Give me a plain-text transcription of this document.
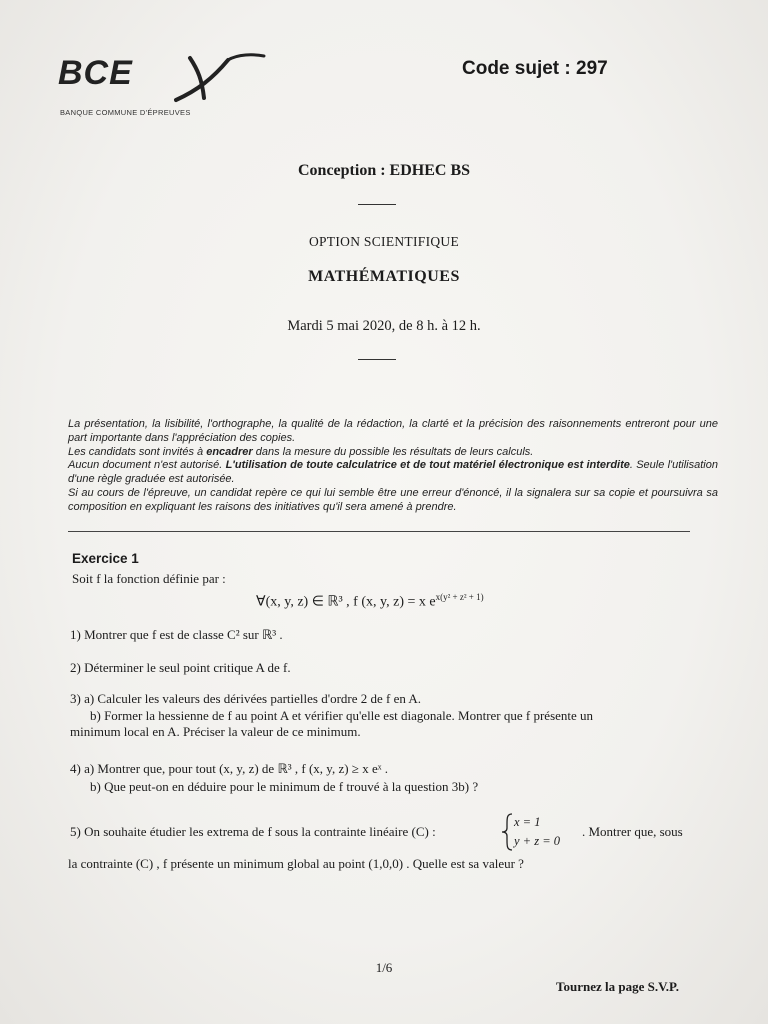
BCE
BANQUE COMMUNE D'ÉPREUVES
Code sujet : 297
Conception : EDHEC BS
OPTION SCIENTIFIQUE
MATHÉMATIQUES
Mardi 5 mai 2020, de 8 h. à 12 h.

La présentation, la lisibilité, l'orthographe, la qualité de la rédaction, la clarté et la précision des raisonnements entreront pour une part importante dans l'appréciation des copies.

Les candidats sont invités à encadrer dans la mesure du possible les résultats de leurs calculs.

Aucun document n'est autorisé. L'utilisation de toute calculatrice et de tout matériel électronique est interdite. Seule l'utilisation d'une règle graduée est autorisée.

Si au cours de l'épreuve, un candidat repère ce qui lui semble être une erreur d'énoncé, il la signalera sur sa copie et poursuivra sa composition en expliquant les raisons des initiatives qu'il sera amené à prendre.

Exercice 1
Soit f la fonction définie par :
∀(x, y, z) ∈ ℝ³ , f (x, y, z) = x $e^{x(y^2 + z^2 + 1)}$
1) Montrer que f est de classe C² sur ℝ³ .
2) Déterminer le seul point critique A de f.
3) a) Calculer les valeurs des dérivées partielles d'ordre 2 de f en A.
b) Former la hessienne de f au point A et vérifier qu'elle est diagonale. Montrer que f présente un
minimum local en A. Préciser la valeur de ce minimum.
4) a) Montrer que, pour tout (x, y, z) de ℝ³ , f (x, y, z) ≥ x eˣ .
b) Que peut-on en déduire pour le minimum de f trouvé à la question 3b) ?
5) On souhaite étudier les extrema de f sous la contrainte linéaire (C) :
x = 1
y + z = 0
. Montrer que, sous
la contrainte (C) , f présente un minimum global au point (1,0,0) . Quelle est sa valeur ?
1/6
Tournez la page S.V.P.
